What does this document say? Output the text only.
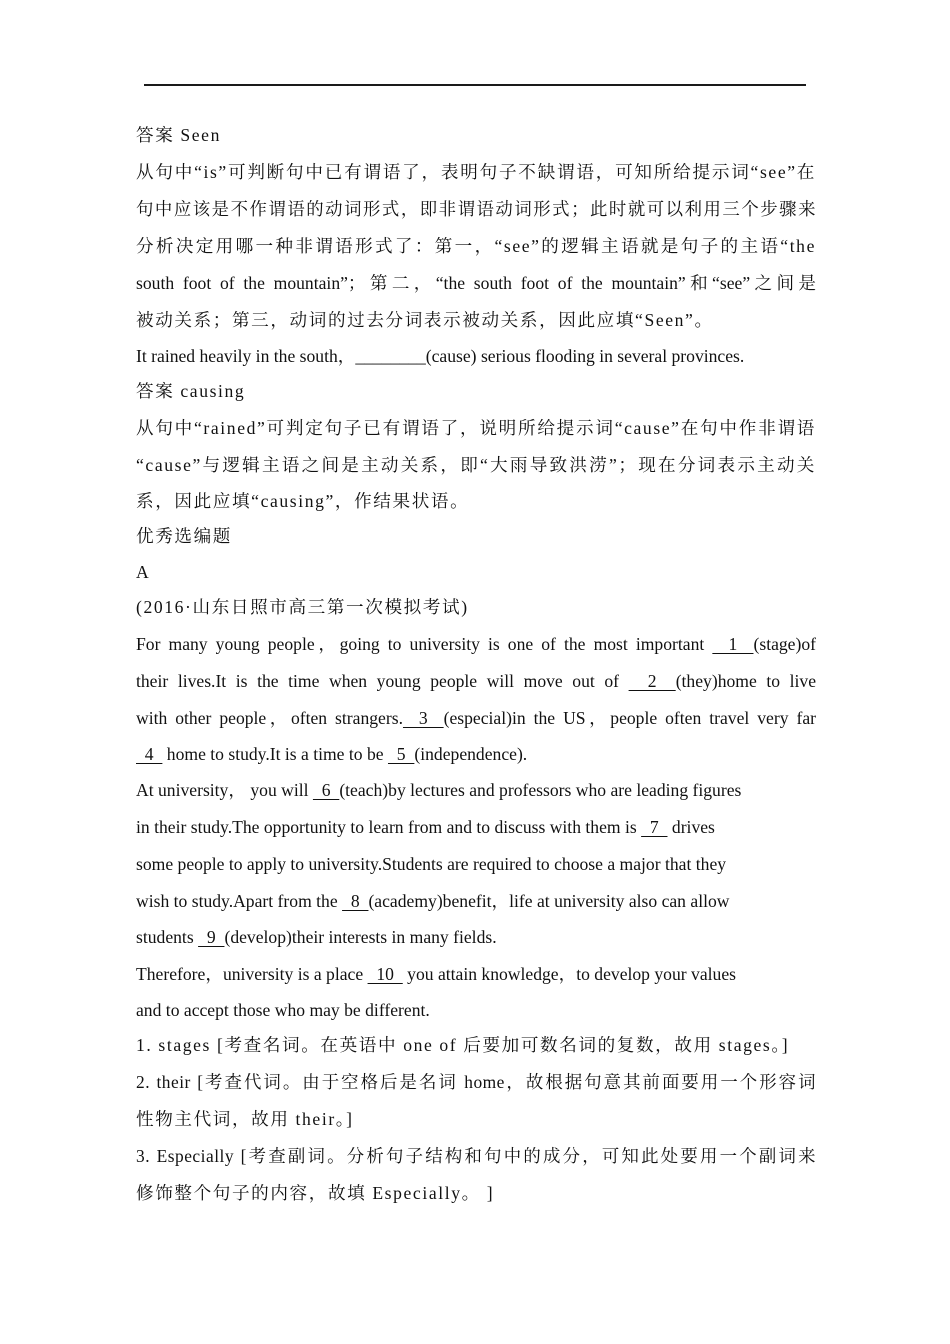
答案 Seen
从句中“is”可判断句中已有谓语了，表明句子不缺谓语，可知所给提示词“see”在
句中应该是不作谓语的动词形式，即非谓语动词形式；此时就可以利用三个步骤来
分析决定用哪一种非谓语形式了：第一，“see”的逻辑主语就是句子的主语“the
south foot of the mountain”；第二，“the south foot of the mountain”和“see”之间是
被动关系；第三，动词的过去分词表示被动关系，因此应填“Seen”。
It rained heavily in the south，________(cause) serious flooding in several provinces.
答案 causing
从句中“rained”可判定句子已有谓语了，说明所给提示词“cause”在句中作非谓语
“cause”与逻辑主语之间是主动关系，即“大雨导致洪涝”；现在分词表示主动关
系，因此应填“causing”，作结果状语。
优秀选编题
A
(2016·山东日照市高三第一次模拟考试)
For many young people，going to university is one of the most important   1  (stage)of
their lives.It is the time when young people will move out of   2  (they)home to live
with other people，often strangers.  3  (especial)in the US，people often travel very far
4   home to study.It is a time to be   5  (independence).
At university， you will   6  (teach)by lectures and professors who are leading figures
in their study.The opportunity to learn from and to discuss with them is   7   drives
some people to apply to university.Students are required to choose a major that they
wish to study.Apart from the   8  (academy)benefit，life at university also can allow
students   9  (develop)their interests in many fields.
Therefore，university is a place   10   you attain knowledge，to develop your values
and to accept those who may be different.
1. stages [考查名词。在英语中 one of 后要加可数名词的复数，故用 stages。]
2. their [考查代词。由于空格后是名词 home，故根据句意其前面要用一个形容词
性物主代词，故用 their。]
3. Especially [考查副词。分析句子结构和句中的成分，可知此处要用一个副词来
修饰整个句子的内容，故填 Especially。 ]
